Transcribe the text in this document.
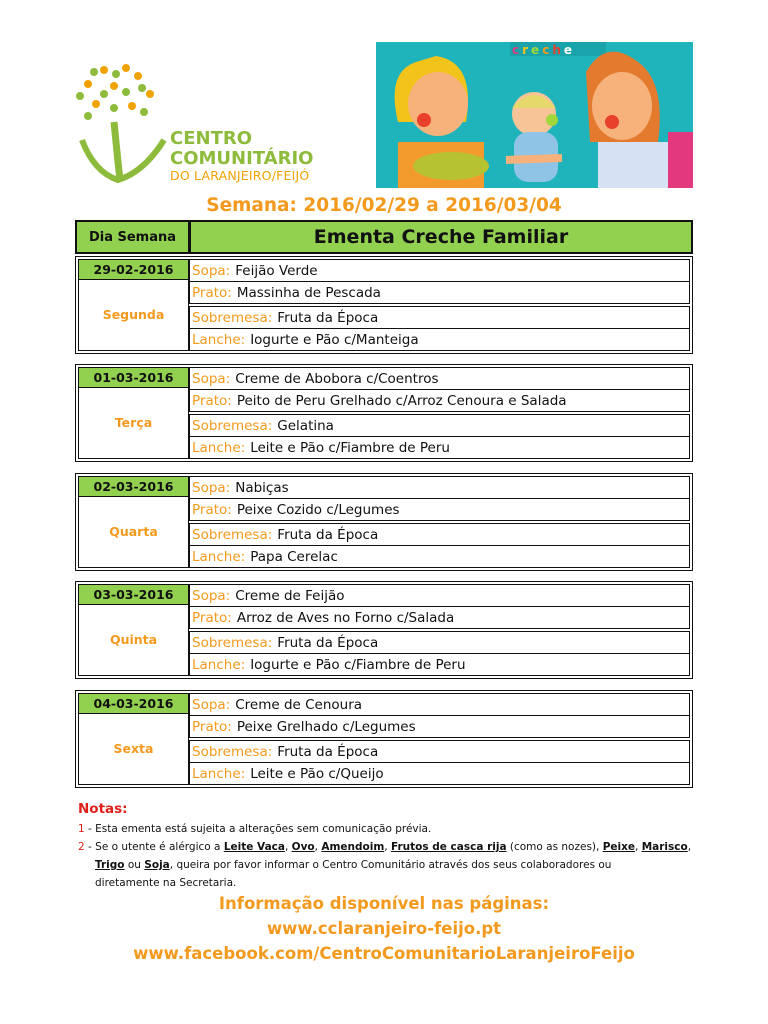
CENTRO
COMUNITÁRIO
DO LARANJEIRO/FEIJÓ
creche
Semana: 2016/02/29 a 2016/03/04
Dia Semana	Ementa Creche Familiar
29-02-2016
Segunda
Sopa: Feijão Verde
Prato: Massinha de Pescada
Sobremesa: Fruta da Época
Lanche: Iogurte e Pão c/Manteiga
01-03-2016
Terça
Sopa: Creme de Abobora c/Coentros
Prato: Peito de Peru Grelhado c/Arroz Cenoura e Salada
Sobremesa: Gelatina
Lanche: Leite e Pão c/Fiambre de Peru
02-03-2016
Quarta
Sopa: Nabiças
Prato: Peixe Cozido c/Legumes
Sobremesa: Fruta da Época
Lanche: Papa Cerelac
03-03-2016
Quinta
Sopa: Creme de Feijão
Prato: Arroz de Aves no Forno c/Salada
Sobremesa: Fruta da Época
Lanche: Iogurte e Pão c/Fiambre de Peru
04-03-2016
Sexta
Sopa: Creme de Cenoura
Prato: Peixe Grelhado c/Legumes
Sobremesa: Fruta da Época
Lanche: Leite e Pão c/Queijo
Notas:
1 - Esta ementa está sujeita a alterações sem comunicação prévia.
2 - Se o utente é alérgico a Leite Vaca, Ovo, Amendoim, Frutos de casca rija (como as nozes), Peixe, Marisco,
Trigo ou Soja, queira por favor informar o Centro Comunitário através dos seus colaboradores ou
diretamente na Secretaria.
Informação disponível nas páginas:
www.cclaranjeiro-feijo.pt
www.facebook.com/CentroComunitarioLaranjeiroFeijo
